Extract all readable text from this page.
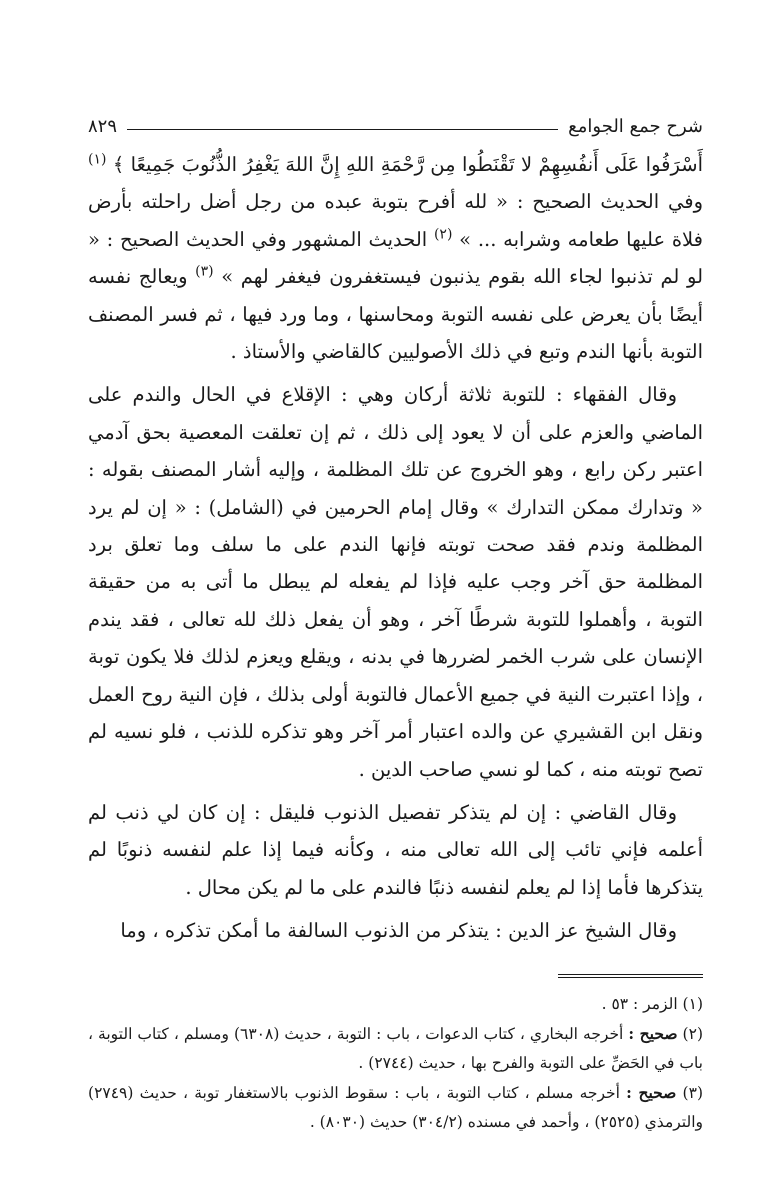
شرح جمع الجوامع
٨٢٩

أَسْرَفُوا عَلَى أَنفُسِهِمْ لا تَقْنَطُوا مِن رَّحْمَةِ اللهِ إِنَّ اللهَ يَغْفِرُ الذُّنُوبَ جَمِيعًا ﴾ $^{(١)}$ وفي الحديث الصحيح : « لله أفرح بتوبة عبده من رجل أضل راحلته بأرض فلاة عليها طعامه وشرابه ... » $^{(٢)}$ الحديث المشهور وفي الحديث الصحيح : « لو لم تذنبوا لجاء الله بقوم يذنبون فيستغفرون فيغفر لهم » $^{(٣)}$ ويعالج نفسه أيضًا بأن يعرض على نفسه التوبة ومحاسنها ، وما ورد فيها ، ثم فسر المصنف التوبة بأنها الندم وتبع في ذلك الأصوليين كالقاضي والأستاذ .

وقال الفقهاء : للتوبة ثلاثة أركان وهي : الإقلاع في الحال والندم على الماضي والعزم على أن لا يعود إلى ذلك ، ثم إن تعلقت المعصية بحق آدمي اعتبر ركن رابع ، وهو الخروج عن تلك المظلمة ، وإليه أشار المصنف بقوله : « وتدارك ممكن التدارك » وقال إمام الحرمين في (الشامل) : « إن لم يرد المظلمة وندم فقد صحت توبته فإنها الندم على ما سلف وما تعلق برد المظلمة حق آخر وجب عليه فإذا لم يفعله لم يبطل ما أتى به من حقيقة التوبة ، وأهملوا للتوبة شرطًا آخر ، وهو أن يفعل ذلك لله تعالى ، فقد يندم الإنسان على شرب الخمر لضررها في بدنه ، ويقلع ويعزم لذلك فلا يكون توبة ، وإذا اعتبرت النية في جميع الأعمال فالتوبة أولى بذلك ، فإن النية روح العمل ونقل ابن القشيري عن والده اعتبار أمر آخر وهو تذكره للذنب ، فلو نسيه لم تصح توبته منه ، كما لو نسي صاحب الدين .

وقال القاضي : إن لم يتذكر تفصيل الذنوب فليقل : إن كان لي ذنب لم أعلمه فإني تائب إلى الله تعالى منه ، وكأنه فيما إذا علم لنفسه ذنوبًا لم يتذكرها فأما إذا لم يعلم لنفسه ذنبًا فالندم على ما لم يكن محال .

وقال الشيخ عز الدين : يتذكر من الذنوب السالفة ما أمكن تذكره ، وما

(١) الزمر : ٥٣ .

(٢) صحيح : أخرجه البخاري ، كتاب الدعوات ، باب : التوبة ، حديث (٦٣٠٨) ومسلم ، كتاب التوبة ، باب في الحَضِّ على التوبة والفرح بها ، حديث (٢٧٤٤) .

(٣) صحيح : أخرجه مسلم ، كتاب التوبة ، باب : سقوط الذنوب بالاستغفار توبة ، حديث (٢٧٤٩) والترمذي (٢٥٢٥) ، وأحمد في مسنده (٣٠٤/٢) حديث (٨٠٣٠) .
